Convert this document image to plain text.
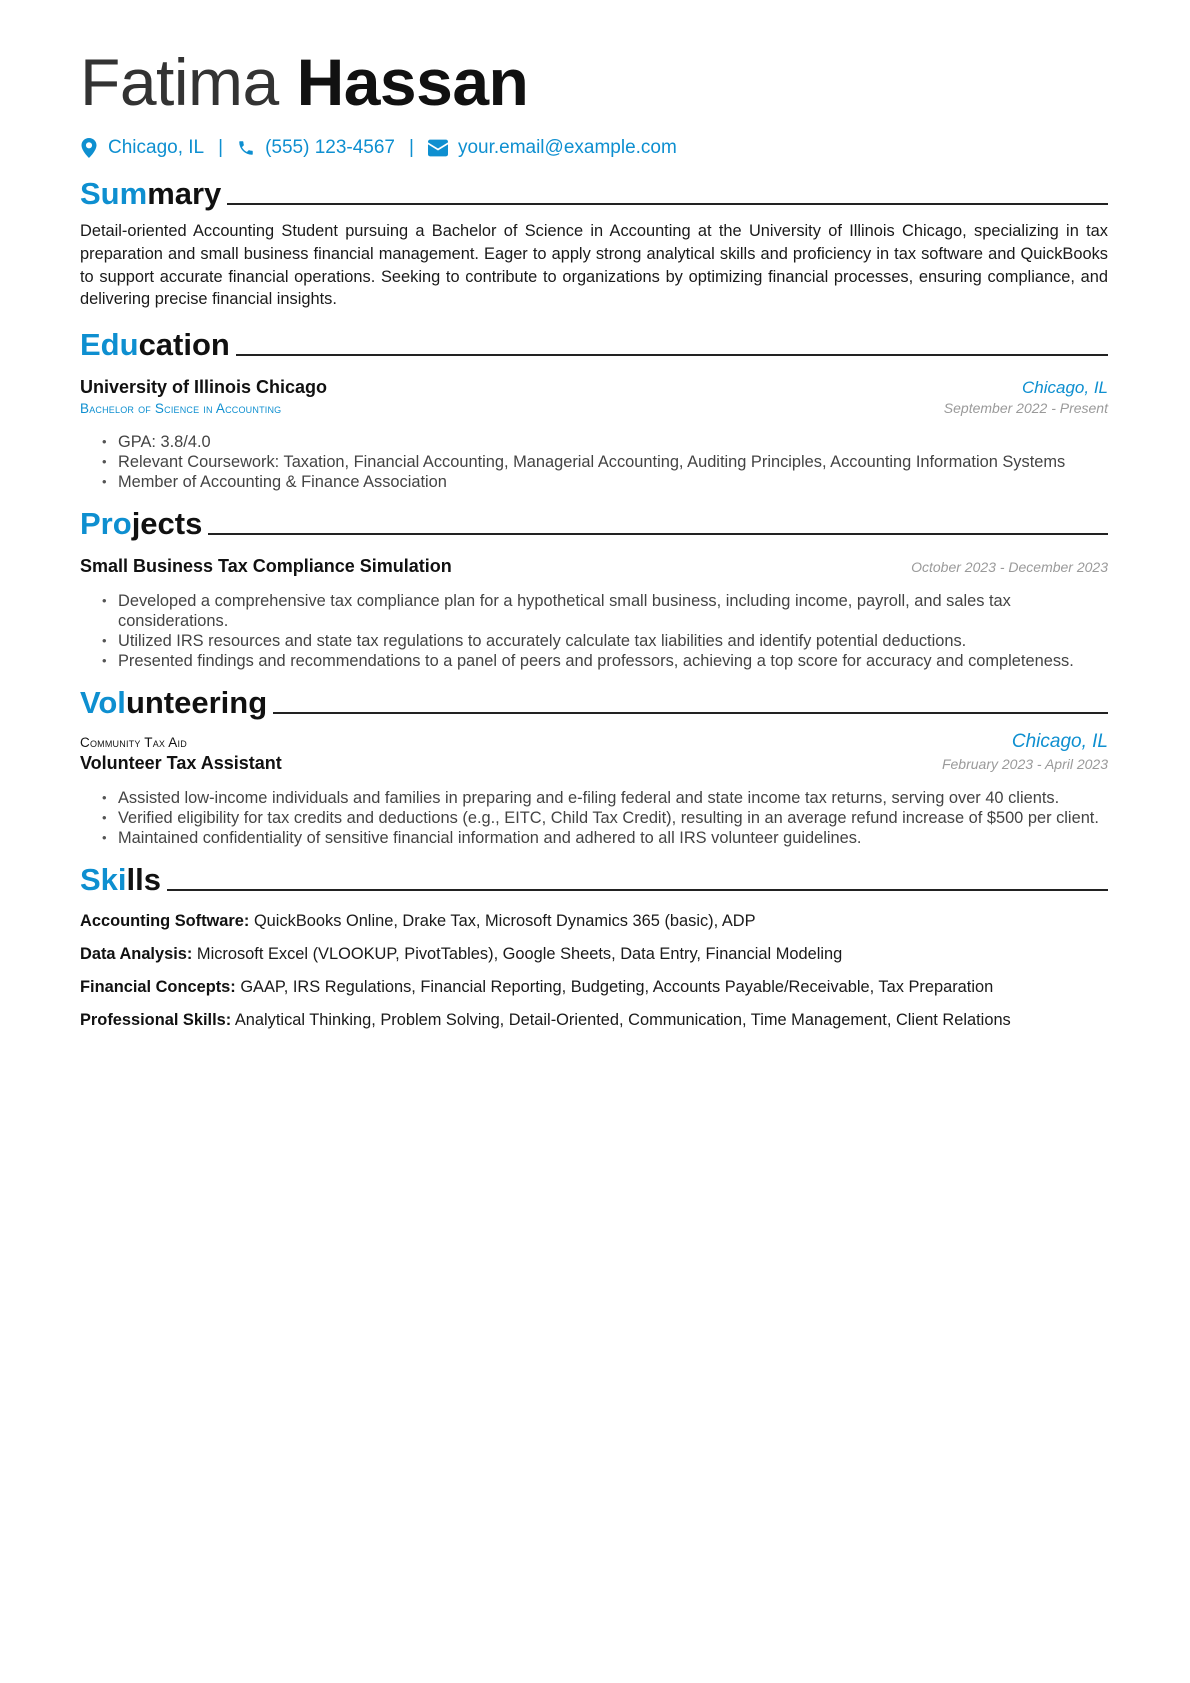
Fatima Hassan
Chicago, IL | (555) 123-4567 | your.email@example.com
Summary

Detail-oriented Accounting Student pursuing a Bachelor of Science in Accounting at the University of Illinois Chicago, specializing in tax preparation and small business financial management. Eager to apply strong analytical skills and proficiency in tax software and QuickBooks to support accurate financial operations. Seeking to contribute to organizations by optimizing financial processes, ensuring compliance, and delivering precise financial insights.

Education
University of Illinois Chicago	Chicago, IL
Bachelor of Science in Accounting	September 2022 - Present
• GPA: 3.8/4.0
• Relevant Coursework: Taxation, Financial Accounting, Managerial Accounting, Auditing Principles, Accounting Information Systems
• Member of Accounting & Finance Association
Projects
Small Business Tax Compliance Simulation	October 2023 - December 2023
• Developed a comprehensive tax compliance plan for a hypothetical small business, including income, payroll, and sales tax considerations.
• Utilized IRS resources and state tax regulations to accurately calculate tax liabilities and identify potential deductions.
• Presented findings and recommendations to a panel of peers and professors, achieving a top score for accuracy and completeness.
Volunteering
Community Tax Aid	Chicago, IL
Volunteer Tax Assistant	February 2023 - April 2023
• Assisted low-income individuals and families in preparing and e-filing federal and state income tax returns, serving over 40 clients.
• Verified eligibility for tax credits and deductions (e.g., EITC, Child Tax Credit), resulting in an average refund increase of $500 per client.
• Maintained confidentiality of sensitive financial information and adhered to all IRS volunteer guidelines.
Skills

Accounting Software: QuickBooks Online, Drake Tax, Microsoft Dynamics 365 (basic), ADP

Data Analysis: Microsoft Excel (VLOOKUP, PivotTables), Google Sheets, Data Entry, Financial Modeling

Financial Concepts: GAAP, IRS Regulations, Financial Reporting, Budgeting, Accounts Payable/Receivable, Tax Preparation

Professional Skills: Analytical Thinking, Problem Solving, Detail-Oriented, Communication, Time Management, Client Relations
